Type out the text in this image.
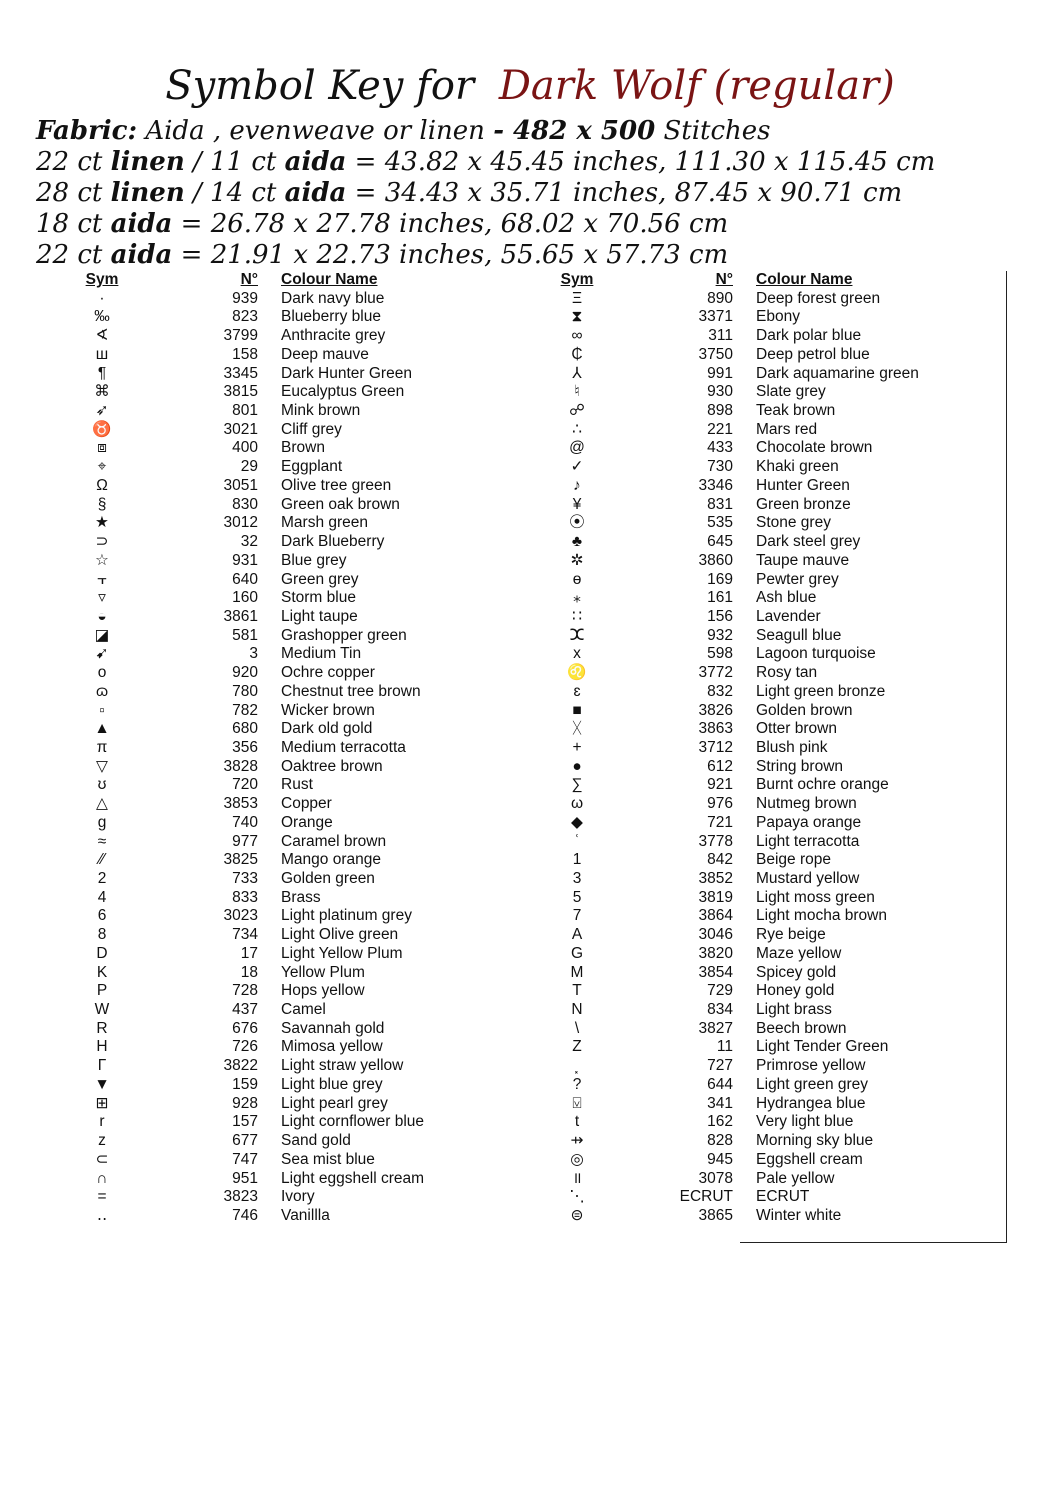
Symbol Key for Dark Wolf (regular)
Fabric: Aida , evenweave or linen - 482 x 500 Stitches
22 ct linen / 11 ct aida = 43.82 x 45.45 inches, 111.30 x 115.45 cm
28 ct linen / 14 ct aida = 34.43 x 35.71 inches, 87.45 x 90.71 cm
18 ct aida = 26.78 x 27.78 inches, 68.02 x 70.56 cm
22 ct aida = 21.91 x 22.73 inches, 55.65 x 57.73 cm
Sym	N° Colour Name
·	939 Dark navy blue
‰	823 Blueberry blue
∢	3799 Anthracite grey
ш	158 Deep mauve
¶	3345 Dark Hunter Green
⌘	3815 Eucalyptus Green
➶	801 Mink brown
♉	3021 Cliff grey
⧈	400 Brown
⌖	29 Eggplant
Ω	3051 Olive tree green
§	830 Green oak brown
★	3012 Marsh green
⊃	32 Dark Blueberry
☆	931 Blue grey
⫟	640 Green grey
▿	160 Storm blue
◒	3861 Light taupe
◪	581 Grashopper green
➹	3 Medium Tin
o	920 Ochre copper
ɷ	780 Chestnut tree brown
▫	782 Wicker brown
▲	680 Dark old gold
π	356 Medium terracotta
▽	3828 Oaktree brown
ʊ	720 Rust
△	3853 Copper
g	740 Orange
≈	977 Caramel brown
⁄⁄	3825 Mango orange
2	733 Golden green
4	833 Brass
6	3023 Light platinum grey
8	734 Light Olive green
D	17 Light Yellow Plum
K	18 Yellow Plum
P	728 Hops yellow
W	437 Camel
R	676 Savannah gold
H	726 Mimosa yellow
Γ	3822 Light straw yellow
▼	159 Light blue grey
⊞	928 Light pearl grey
r	157 Light cornflower blue
z	677 Sand gold
⊂	747 Sea mist blue
∩	951 Light eggshell cream
=	3823 Ivory
‥	746 Vanillla
Sym	N° Colour Name
Ξ	890 Deep forest green
⧗	3371 Ebony
∞	311 Dark polar blue
₵	3750 Deep petrol blue
⅄	991 Dark aquamarine green
♮	930 Slate grey
☍	898 Teak brown
∴	221 Mars red
@	433 Chocolate brown
✓	730 Khaki green
♪	3346 Hunter Green
¥	831 Green bronze
⦿	535 Stone grey
♣	645 Dark steel grey
✲	3860 Taupe mauve
ɵ	169 Pewter grey
⁎	161 Ash blue
∷	156 Lavender
ⵋ	932 Seagull blue
x	598 Lagoon turquoise
♌	3772 Rosy tan
ɛ	832 Light green bronze
■	3826 Golden brown
ᚷ	3863 Otter brown
+	3712 Blush pink
●	612 String brown
∑	921 Burnt ochre orange
ω	976 Nutmeg brown
◆	721 Papaya orange
ʿ	3778 Light terracotta
1	842 Beige rope
3	3852 Mustard yellow
5	3819 Light moss green
7	3864 Light mocha brown
A	3046 Rye beige
G	3820 Maze yellow
M	3854 Spicey gold
T	729 Honey gold
N	834 Light brass
\	3827 Beech brown
Z	11 Light Tender Green
⸼	727 Primrose yellow
?	644 Light green grey
⍌	341 Hydrangea blue
t	162 Very light blue
⇸	828 Morning sky blue
◎	945 Eggshell cream
॥	3078 Pale yellow
⋱	ECRUT ECRUT
⊜	3865 Winter white
